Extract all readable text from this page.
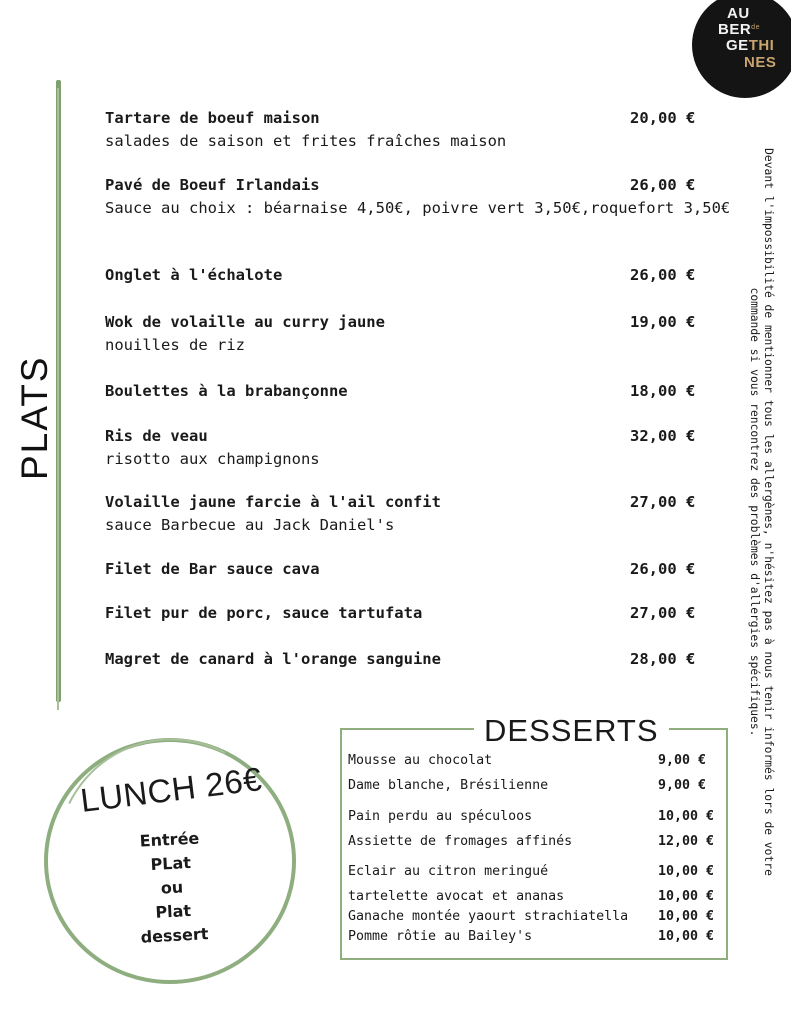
AU
$BER^{de}$
GETHI
NES
PLATS
Tartare de boeuf maison	20,00 €
salades de saison et frites fraîches maison
Pavé de Boeuf Irlandais	26,00 €
Sauce au choix : béarnaise 4,50€, poivre vert 3,50€,roquefort 3,50€
Onglet à l'échalote	26,00 €
Wok de volaille au curry jaune	19,00 €
nouilles de riz
Boulettes à la brabançonne	18,00 €
Ris de veau	32,00 €
risotto aux champignons
Volaille jaune farcie à l'ail confit	27,00 €
sauce Barbecue au Jack Daniel's
Filet de Bar sauce cava	26,00 €
Filet pur de porc, sauce tartufata	27,00 €
Magret de canard à l'orange sanguine	28,00 €	Devant l'impossibilité de mentionner tous les allergènes, n'hésitez pas à nous tenir informés lors de votre commande si vous rencontrez des problèmes d'allergies spécifiques.
DESSERTS
Mousse au chocolat	9,00 €
Dame blanche, Brésilienne	9,00 €
Pain perdu au spéculoos	10,00 €
Assiette de fromages affinés	12,00 €
Eclair au citron meringué	10,00 €
tartelette avocat et ananas	10,00 €
Ganache montée yaourt strachiatella 10,00 €
Pomme rôtie au Bailey's	10,00 €
LUNCH 26€
Entrée
PLat
ou
Plat
dessert
